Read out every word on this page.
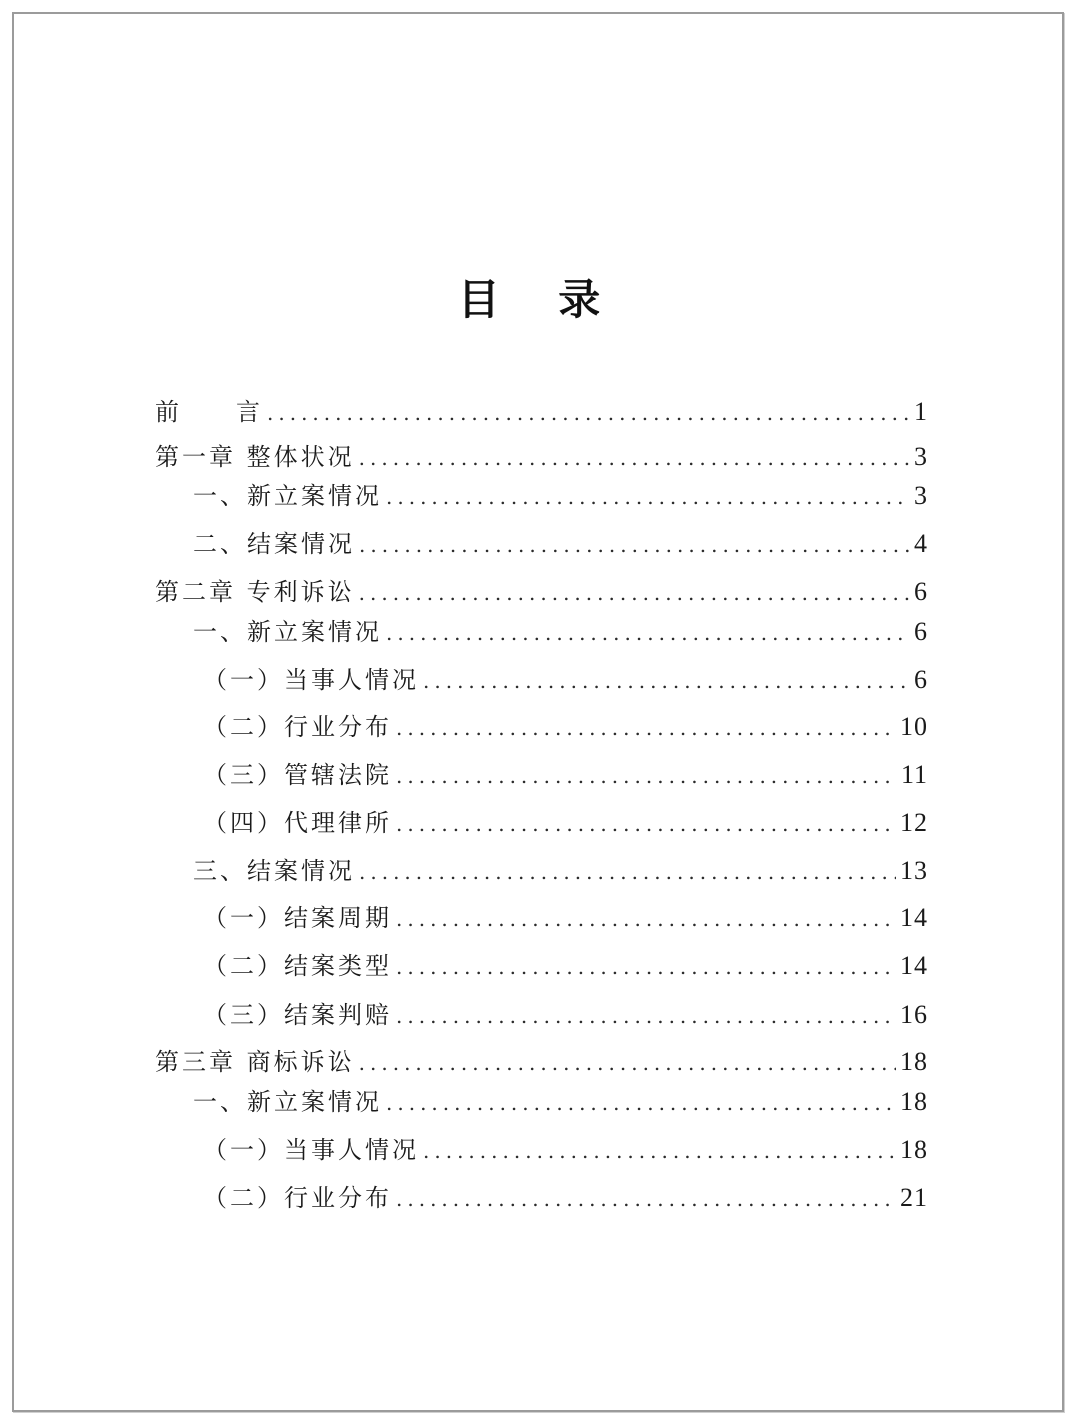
目 录
前　　言 .....	1
第一章 整体状况 .....	3
一、新立案情况 .....	3
二、结案情况 .....	4
第二章 专利诉讼 .....	6
一、新立案情况 .....	6
（一）当事人情况 .....	6
（二）行业分布 .....	10
（三）管辖法院 .....	11
（四）代理律所 .....	12
三、结案情况 .....	13
（一）结案周期 .....	14
（二）结案类型 .....	14
（三）结案判赔 .....	16
第三章 商标诉讼 .....	18
一、新立案情况 .....	18
（一）当事人情况 .....	18
（二）行业分布 .....	21
